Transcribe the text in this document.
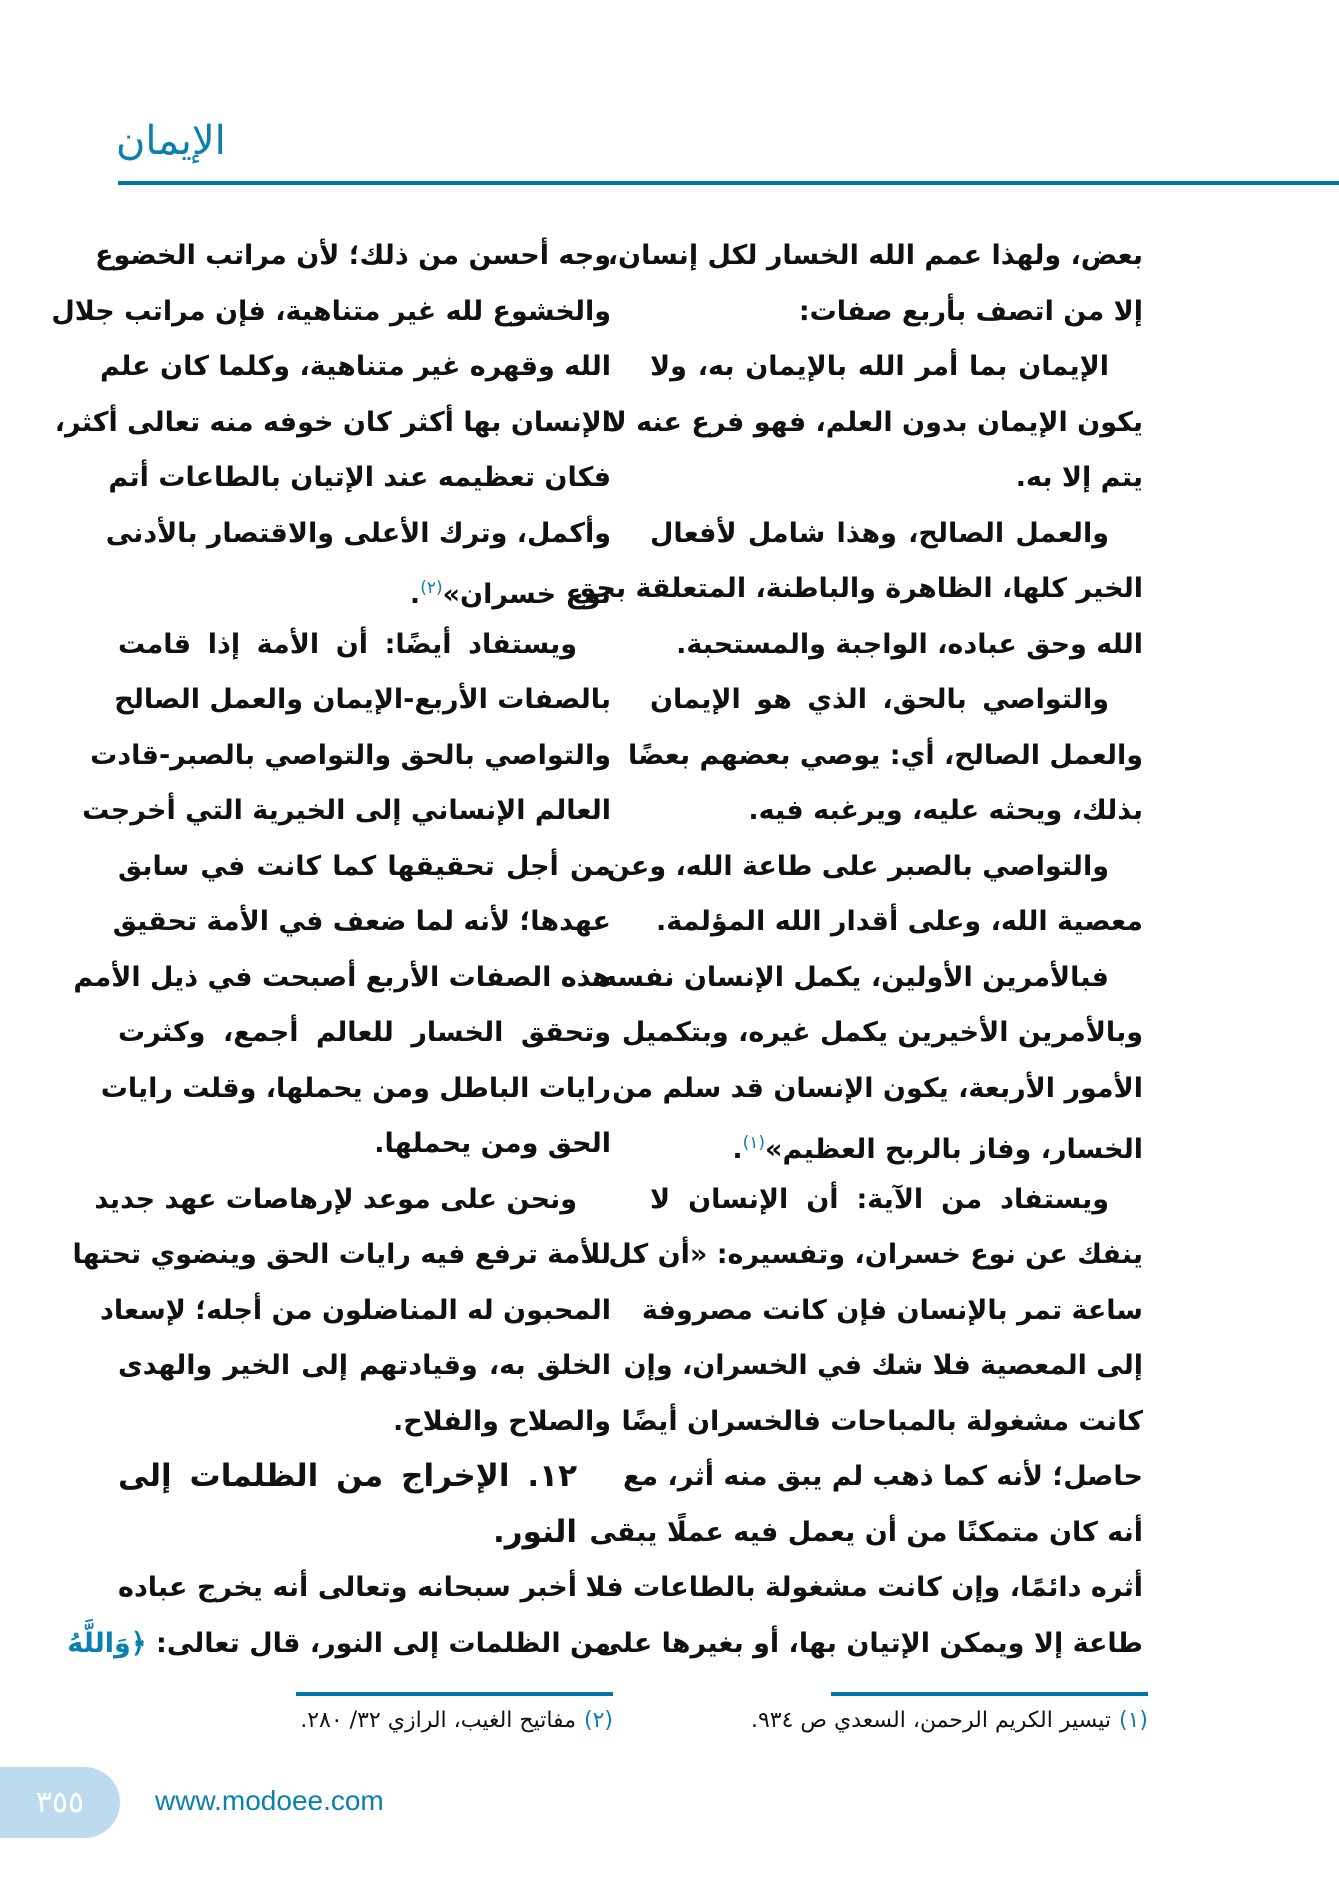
الإيمان
بعض، ولهذا عمم الله الخسار لكل إنسان،
إلا من اتصف بأربع صفات:
الإيمان بما أمر الله بالإيمان به، ولا
يكون الإيمان بدون العلم، فهو فرع عنه لا
يتم إلا به.
والعمل الصالح، وهذا شامل لأفعال
الخير كلها، الظاهرة والباطنة، المتعلقة بحق
الله وحق عباده، الواجبة والمستحبة.
والتواصي بالحق، الذي هو الإيمان
والعمل الصالح، أي: يوصي بعضهم بعضًا
بذلك، ويحثه عليه، ويرغبه فيه.
والتواصي بالصبر على طاعة الله، وعن
معصية الله، وعلى أقدار الله المؤلمة.
فبالأمرين الأولين، يكمل الإنسان نفسه،
وبالأمرين الأخيرين يكمل غيره، وبتكميل
الأمور الأربعة، يكون الإنسان قد سلم من
الخسار، وفاز بالربح العظيم»$^{(١)}$.
ويستفاد من الآية: أن الإنسان لا
ينفك عن نوع خسران، وتفسيره: «أن كل
ساعة تمر بالإنسان فإن كانت مصروفة
إلى المعصية فلا شك في الخسران، وإن
كانت مشغولة بالمباحات فالخسران أيضًا
حاصل؛ لأنه كما ذهب لم يبق منه أثر، مع
أنه كان متمكنًا من أن يعمل فيه عملًا يبقى
أثره دائمًا، وإن كانت مشغولة بالطاعات فلا
طاعة إلا ويمكن الإتيان بها، أو بغيرها على
وجه أحسن من ذلك؛ لأن مراتب الخضوع
والخشوع لله غير متناهية، فإن مراتب جلال
الله وقهره غير متناهية، وكلما كان علم
الإنسان بها أكثر كان خوفه منه تعالى أكثر،
فكان تعظيمه عند الإتيان بالطاعات أتم
وأكمل، وترك الأعلى والاقتصار بالأدنى
نوع خسران»$^{(٢)}$.
ويستفاد أيضًا: أن الأمة إذا قامت
بالصفات الأربع-الإيمان والعمل الصالح
والتواصي بالحق والتواصي بالصبر-قادت
العالم الإنساني إلى الخيرية التي أخرجت
من أجل تحقيقها كما كانت في سابق
عهدها؛ لأنه لما ضعف في الأمة تحقيق
هذه الصفات الأربع أصبحت في ذيل الأمم
وتحقق الخسار للعالم أجمع، وكثرت
رايات الباطل ومن يحملها، وقلت رايات
الحق ومن يحملها.
ونحن على موعد لإرهاصات عهد جديد
للأمة ترفع فيه رايات الحق وينضوي تحتها
المحبون له المناضلون من أجله؛ لإسعاد
الخلق به، وقيادتهم إلى الخير والهدى
والصلاح والفلاح.
١٢. الإخراج من الظلمات إلى
النور.
أخبر سبحانه وتعالى أنه يخرج عباده
من الظلمات إلى النور، قال تعالى: ﴿وَاللَّهُ
(١)تيسير الكريم الرحمن، السعدي ص ٩٣٤.
(٢)مفاتيح الغيب، الرازي ٣٢/ ٢٨٠.
٣٥٥	www.modoee.com
